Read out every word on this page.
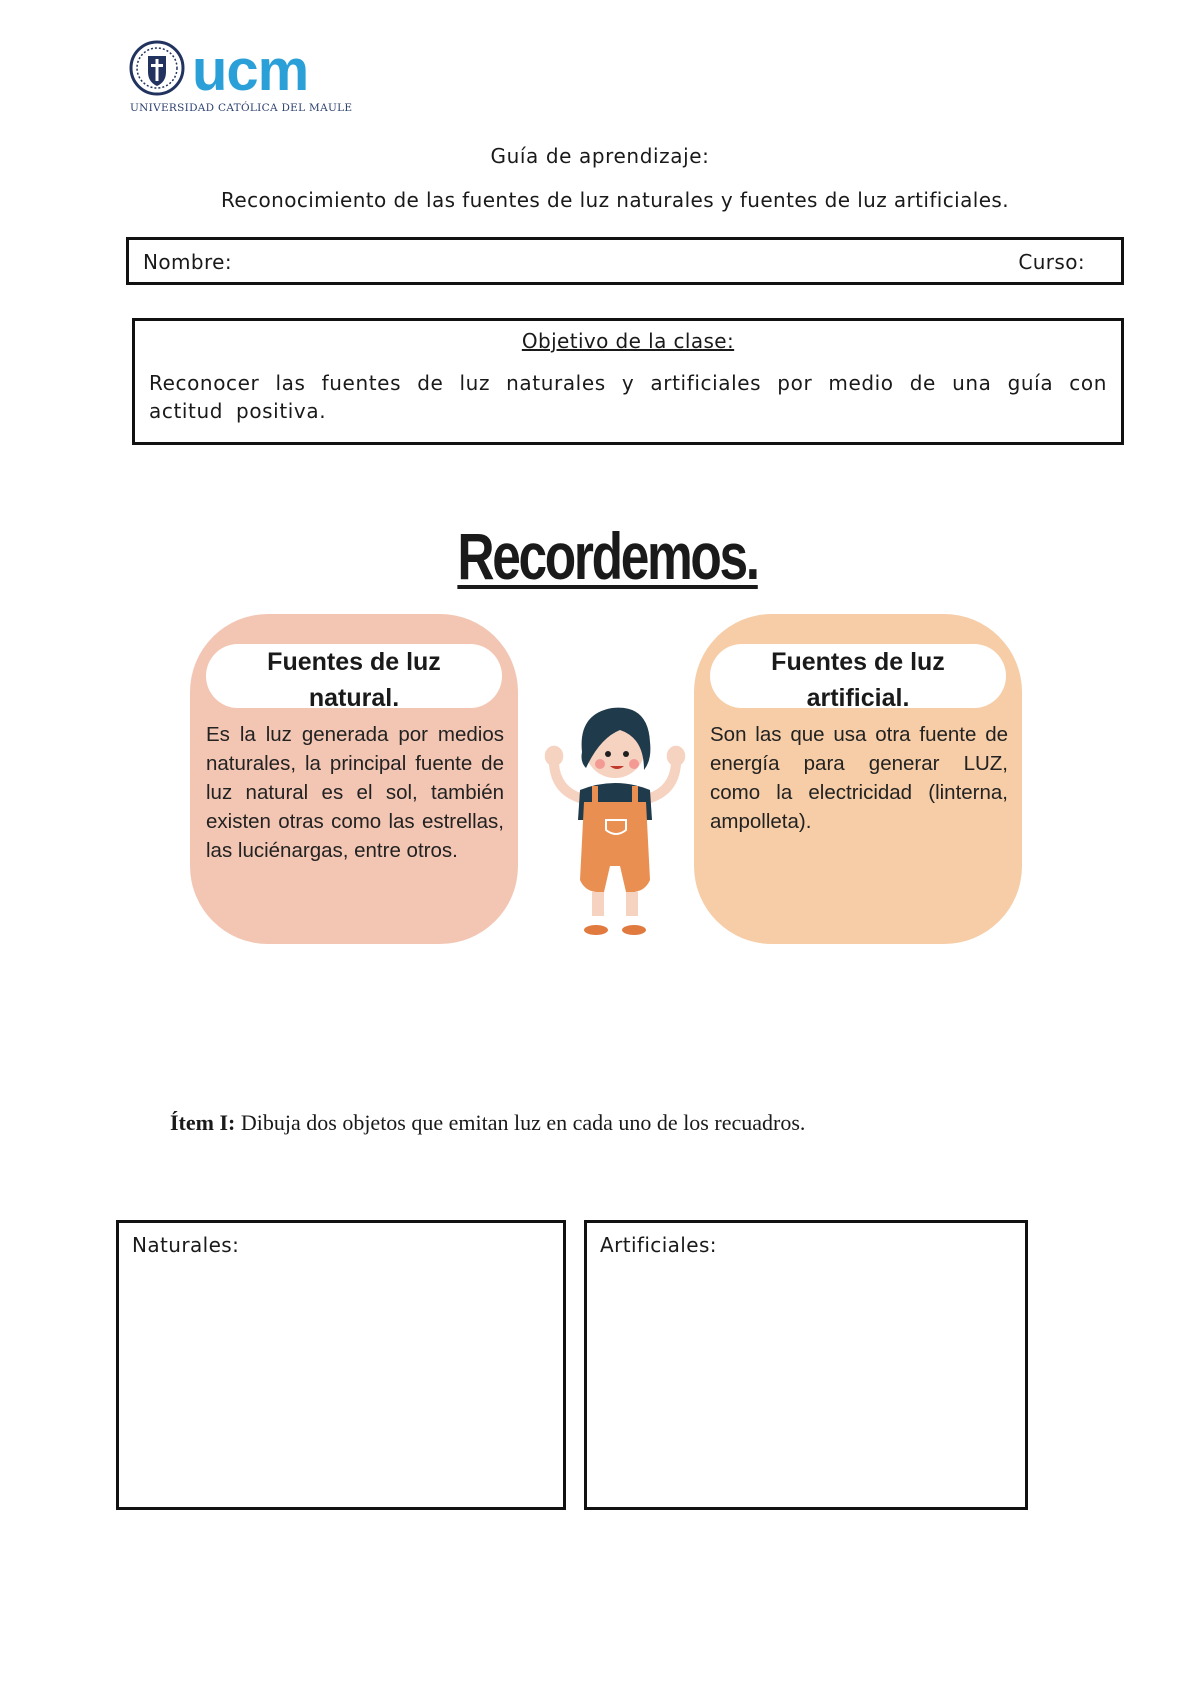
ucm
UNIVERSIDAD CATÓLICA DEL MAULE
Guía de aprendizaje:
Reconocimiento de las fuentes de luz naturales y fuentes de luz artificiales.
Nombre:	Curso:
Objetivo de la clase:
Reconocer las fuentes de luz naturales y artificiales por medio de una guía con actitud positiva.
Recordemos.
Fuentes de luz
natural.
Es la luz generada por medios naturales, la principal fuente de luz natural es el sol, también existen otras como las estrellas, las luciénargas, entre otros.
Fuentes de luz
artificial.
Son las que usa otra fuente de energía para generar LUZ, como la electricidad (linterna, ampolleta).
Ítem I: Dibuja dos objetos que emitan luz en cada uno de los recuadros.
Naturales:	Artificiales:
